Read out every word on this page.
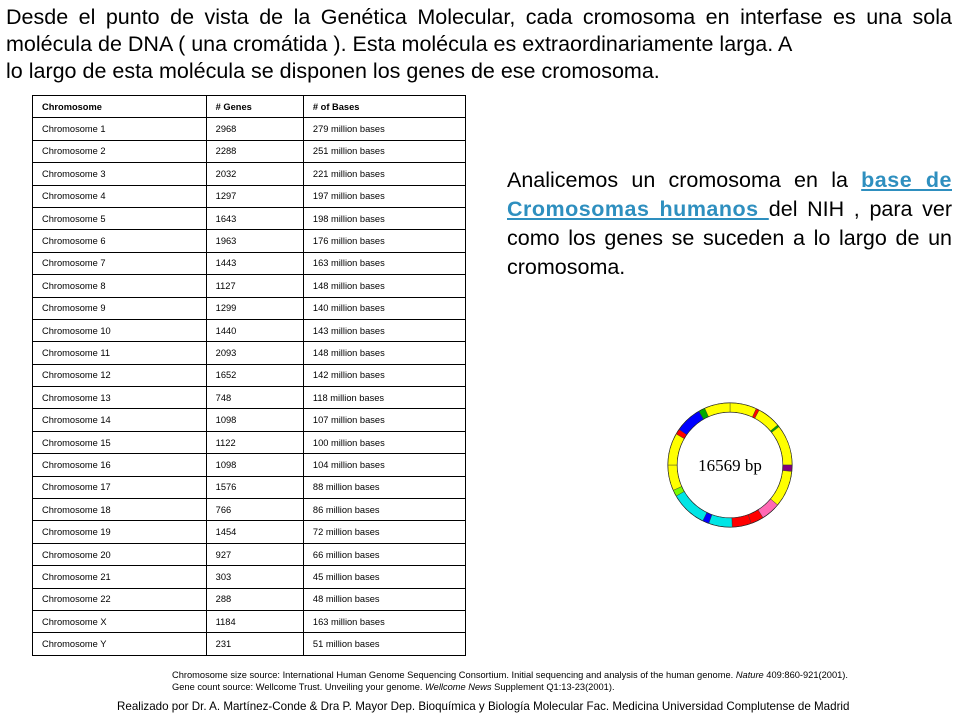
Desde el punto de vista de la Genética Molecular, cada cromosoma en interfase es una sola molécula de DNA ( una cromátida ). Esta molécula es extraordinariamente larga. A
lo largo de esta molécula se disponen los genes de ese cromosoma.

Chromosome	# Genes	# of Bases
Chromosome 1	2968	279 million bases
Chromosome 2	2288	251 million bases
Chromosome 3	2032	221 million bases
Chromosome 4	1297	197 million bases
Chromosome 5	1643	198 million bases
Chromosome 6	1963	176 million bases
Chromosome 7	1443	163 million bases
Chromosome 8	1127	148 million bases
Chromosome 9	1299	140 million bases
Chromosome 10	1440	143 million bases
Chromosome 11	2093	148 million bases
Chromosome 12	1652	142 million bases
Chromosome 13	748	118 million bases
Chromosome 14	1098	107 million bases
Chromosome 15	1122	100 million bases
Chromosome 16	1098	104 million bases
Chromosome 17	1576	88 million bases
Chromosome 18	766	86 million bases
Chromosome 19	1454	72 million bases
Chromosome 20	927	66 million bases
Chromosome 21	303	45 million bases
Chromosome 22	288	48 million bases
Chromosome X	1184	163 million bases
Chromosome Y	231	51 million bases

Analicemos un cromosoma en la base de Cromosomas humanos del NIH , para ver como los genes se suceden a lo largo de un cromosoma.

16569 bp

Chromosome size source: International Human Genome Sequencing Consortium. Initial sequencing and analysis of the human genome. Nature 409:860-921(2001).
Gene count source: Wellcome Trust. Unveiling your genome. Wellcome News Supplement Q1:13-23(2001).

Realizado por Dr. A. Martínez-Conde & Dra P. Mayor Dep. Bioquímica y Biología Molecular Fac. Medicina Universidad Complutense de Madrid
